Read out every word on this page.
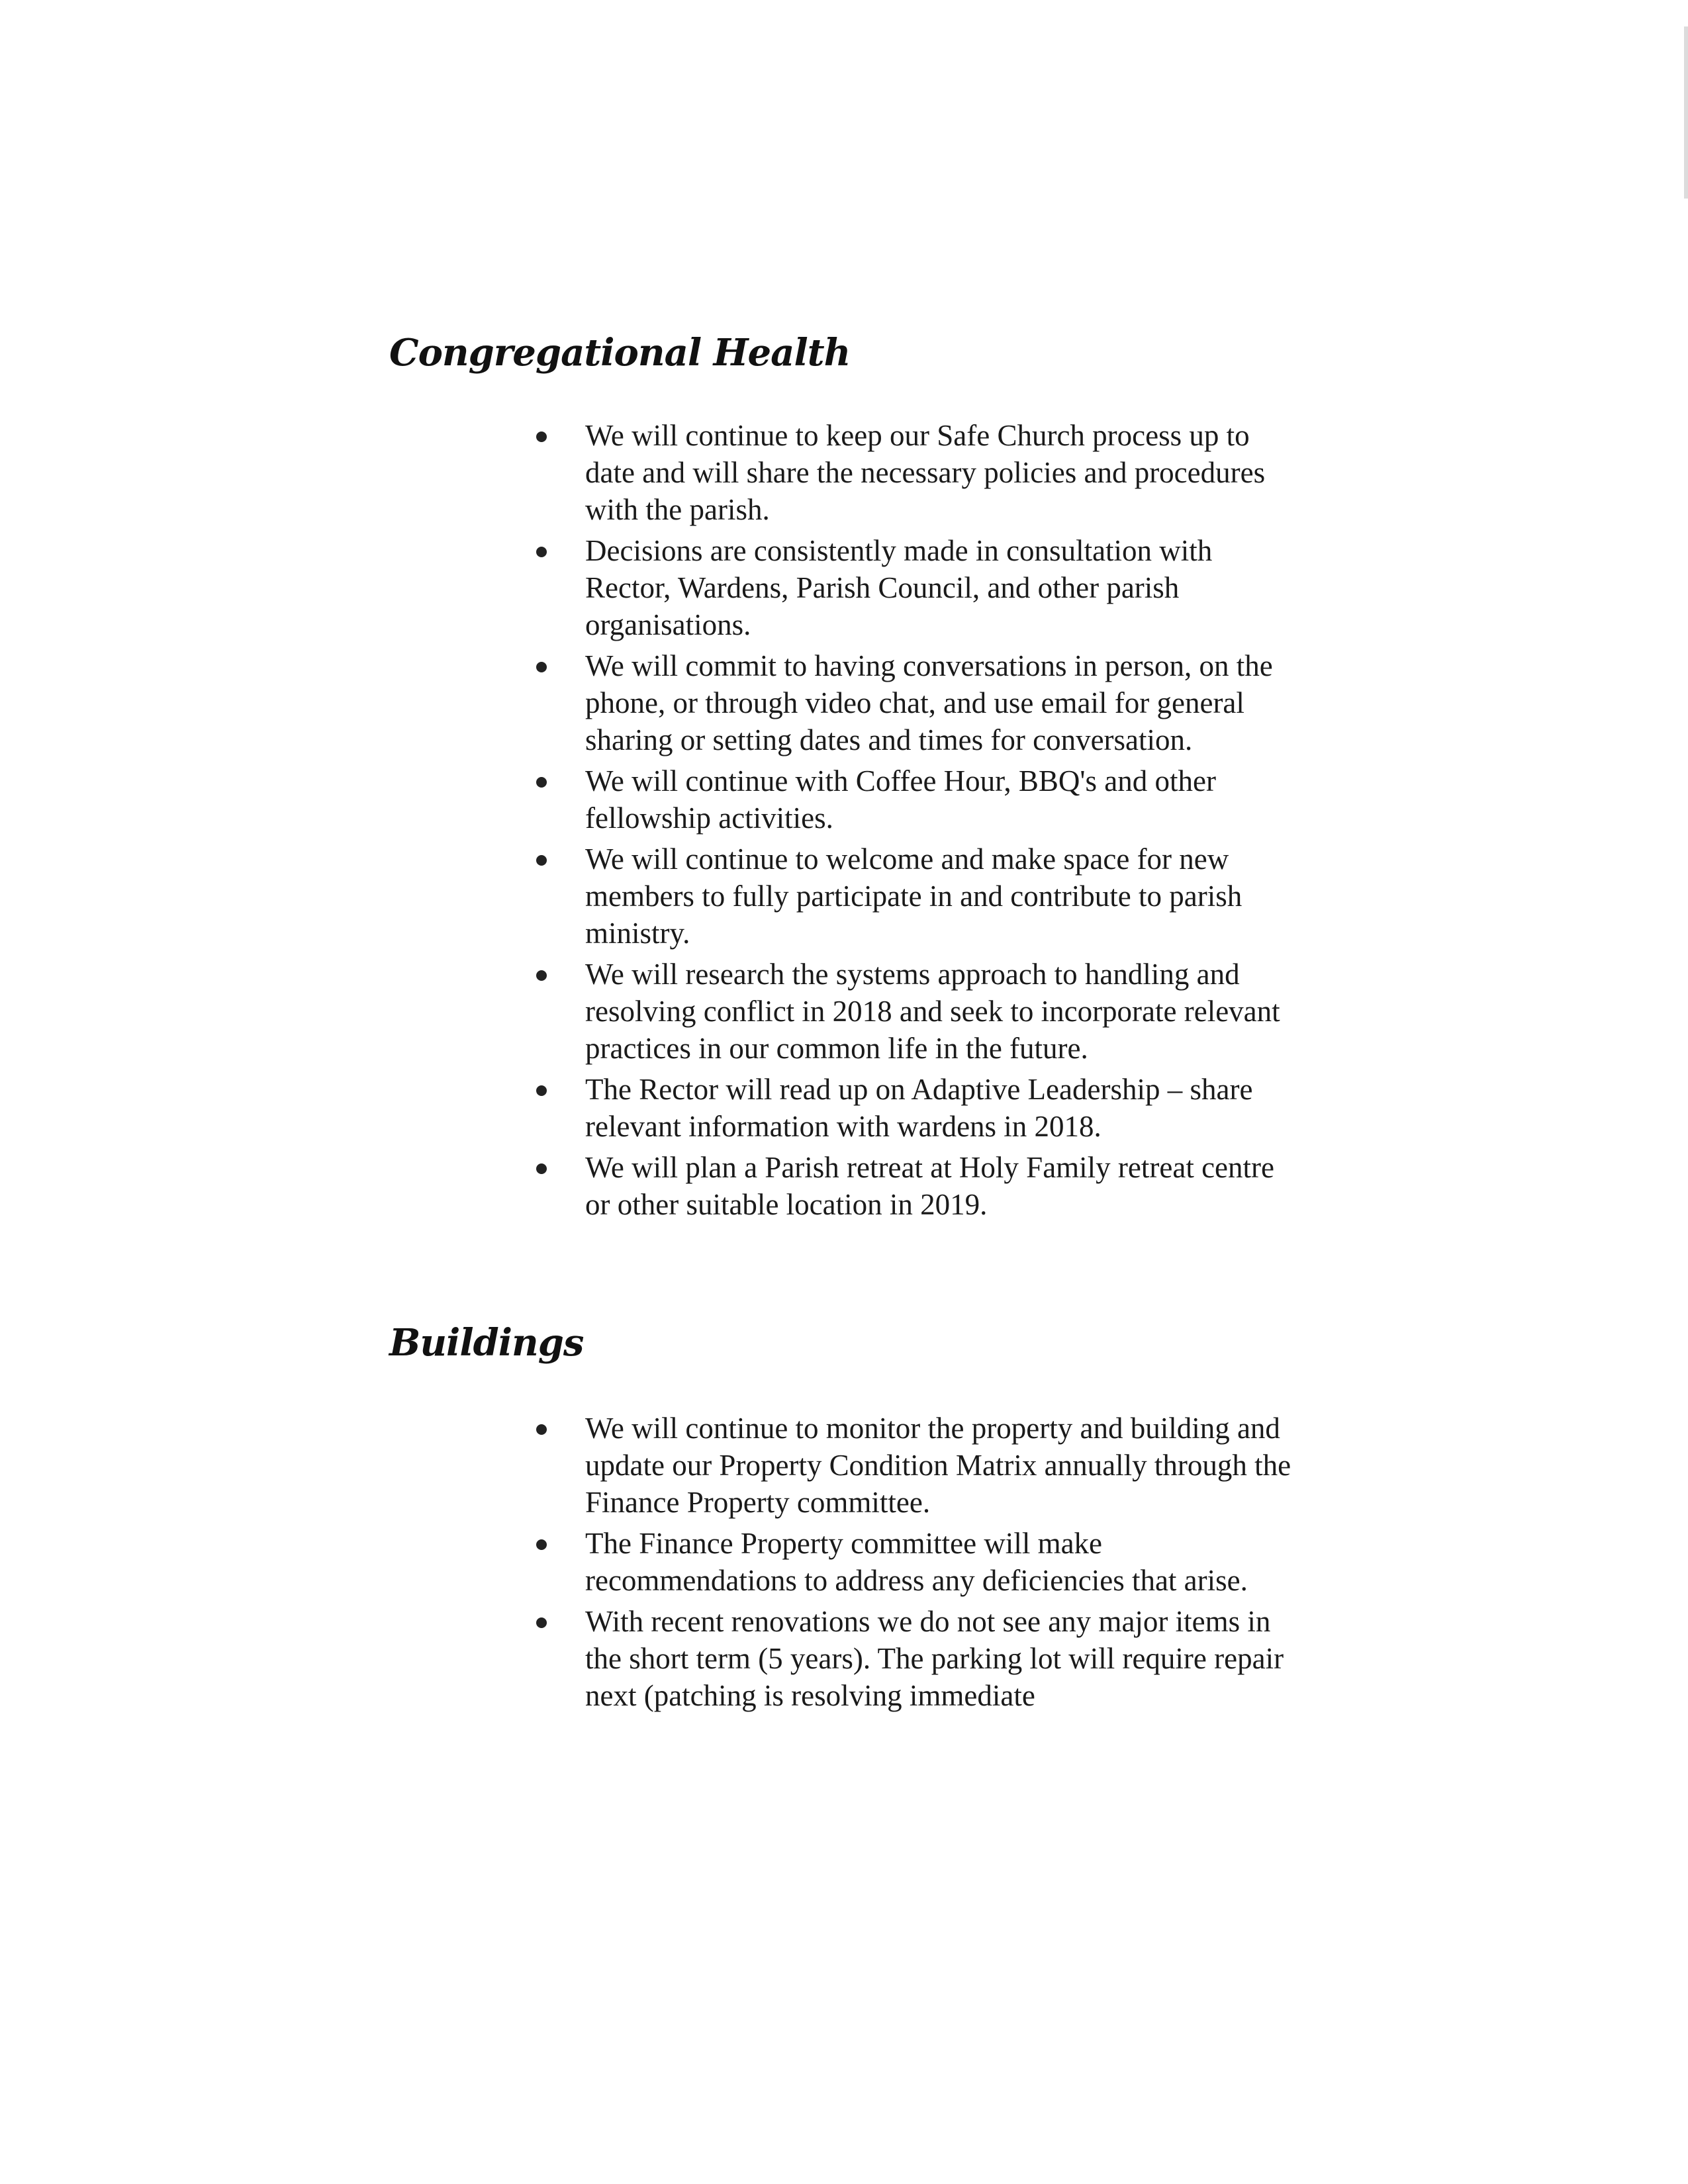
Congregational Health
We will continue to keep our Safe Church process up to date and will share the necessary policies and procedures with the parish.
Decisions are consistently made in consultation with Rector, Wardens, Parish Council, and other parish organisations.
We will commit to having conversations in person, on the phone, or through video chat, and use email for general sharing or setting dates and times for conversation.
We will continue with Coffee Hour, BBQ's and other fellowship activities.
We will continue to welcome and make space for new members to fully participate in and contribute to parish ministry.
We will research the systems approach to handling and resolving conflict in 2018 and seek to incorporate relevant practices in our common life in the future.
The Rector will read up on Adaptive Leadership – share relevant information with wardens in 2018.
We will plan a Parish retreat at Holy Family retreat centre or other suitable location in 2019.
Buildings
We will continue to monitor the property and building and update our Property Condition Matrix annually through the Finance Property committee.
The Finance Property committee will make recommendations to address any deficiencies that arise.
With recent renovations we do not see any major items in the short term (5 years). The parking lot will require repair next (patching is resolving immediate
